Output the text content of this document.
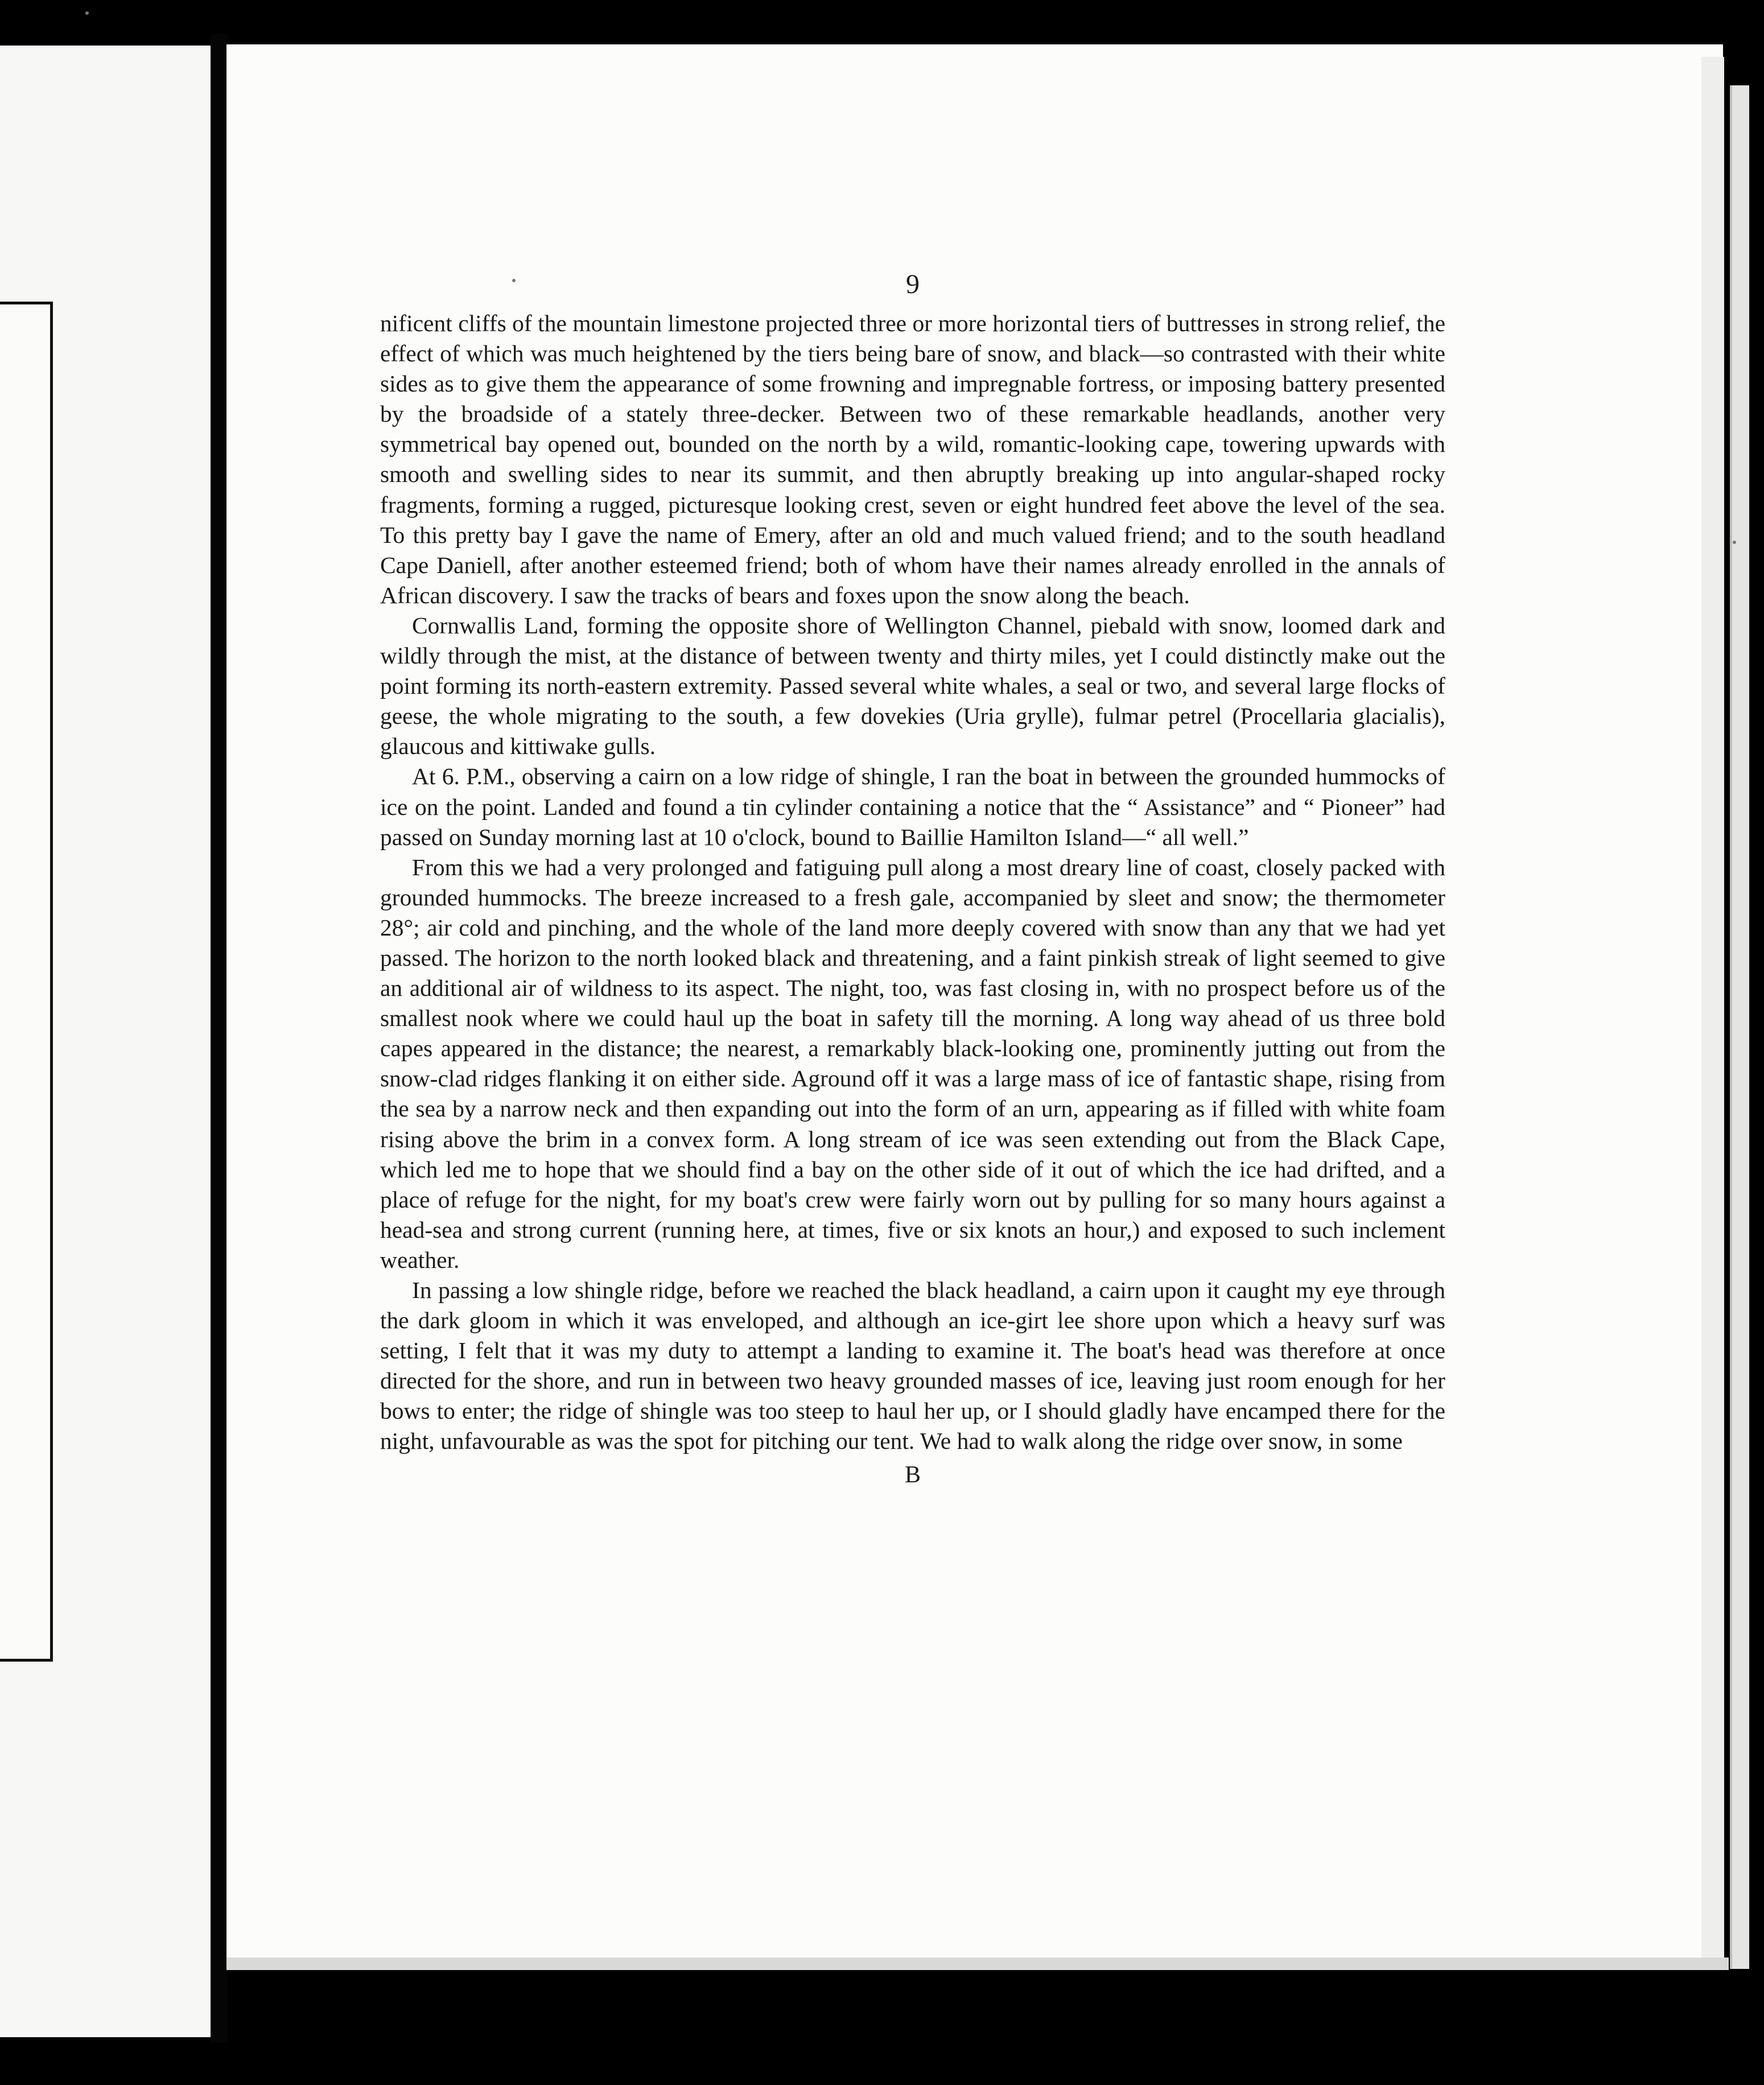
9

nificent cliffs of the mountain limestone projected three or more horizontal tiers of buttresses in strong relief, the effect of which was much heightened by the tiers being bare of snow, and black—so contrasted with their white sides as to give them the appearance of some frowning and impregnable fortress, or imposing battery presented by the broadside of a stately three-decker. Between two of these remarkable headlands, another very symmetrical bay opened out, bounded on the north by a wild, romantic-looking cape, towering upwards with smooth and swelling sides to near its summit, and then abruptly breaking up into angular-shaped rocky fragments, forming a rugged, picturesque looking crest, seven or eight hundred feet above the level of the sea. To this pretty bay I gave the name of Emery, after an old and much valued friend; and to the south headland Cape Daniell, after another esteemed friend; both of whom have their names already enrolled in the annals of African discovery. I saw the tracks of bears and foxes upon the snow along the beach.

Cornwallis Land, forming the opposite shore of Wellington Channel, piebald with snow, loomed dark and wildly through the mist, at the distance of between twenty and thirty miles, yet I could distinctly make out the point forming its north-eastern extremity. Passed several white whales, a seal or two, and several large flocks of geese, the whole migrating to the south, a few dovekies (Uria grylle), fulmar petrel (Procellaria glacialis), glaucous and kittiwake gulls.

At 6. P.M., observing a cairn on a low ridge of shingle, I ran the boat in between the grounded hummocks of ice on the point. Landed and found a tin cylinder containing a notice that the “ Assistance” and “ Pioneer” had passed on Sunday morning last at 10 o'clock, bound to Baillie Hamilton Island—“ all well.”

From this we had a very prolonged and fatiguing pull along a most dreary line of coast, closely packed with grounded hummocks. The breeze increased to a fresh gale, accompanied by sleet and snow; the thermometer 28°; air cold and pinching, and the whole of the land more deeply covered with snow than any that we had yet passed. The horizon to the north looked black and threatening, and a faint pinkish streak of light seemed to give an additional air of wildness to its aspect. The night, too, was fast closing in, with no prospect before us of the smallest nook where we could haul up the boat in safety till the morning. A long way ahead of us three bold capes appeared in the distance; the nearest, a remarkably black-looking one, prominently jutting out from the snow-clad ridges flanking it on either side. Aground off it was a large mass of ice of fantastic shape, rising from the sea by a narrow neck and then expanding out into the form of an urn, appearing as if filled with white foam rising above the brim in a convex form. A long stream of ice was seen extending out from the Black Cape, which led me to hope that we should find a bay on the other side of it out of which the ice had drifted, and a place of refuge for the night, for my boat's crew were fairly worn out by pulling for so many hours against a head-sea and strong current (running here, at times, five or six knots an hour,) and exposed to such inclement weather.

In passing a low shingle ridge, before we reached the black headland, a cairn upon it caught my eye through the dark gloom in which it was enveloped, and although an ice-girt lee shore upon which a heavy surf was setting, I felt that it was my duty to attempt a landing to examine it. The boat's head was therefore at once directed for the shore, and run in between two heavy grounded masses of ice, leaving just room enough for her bows to enter; the ridge of shingle was too steep to haul her up, or I should gladly have encamped there for the night, unfavourable as was the spot for pitching our tent. We had to walk along the ridge over snow, in some

B
